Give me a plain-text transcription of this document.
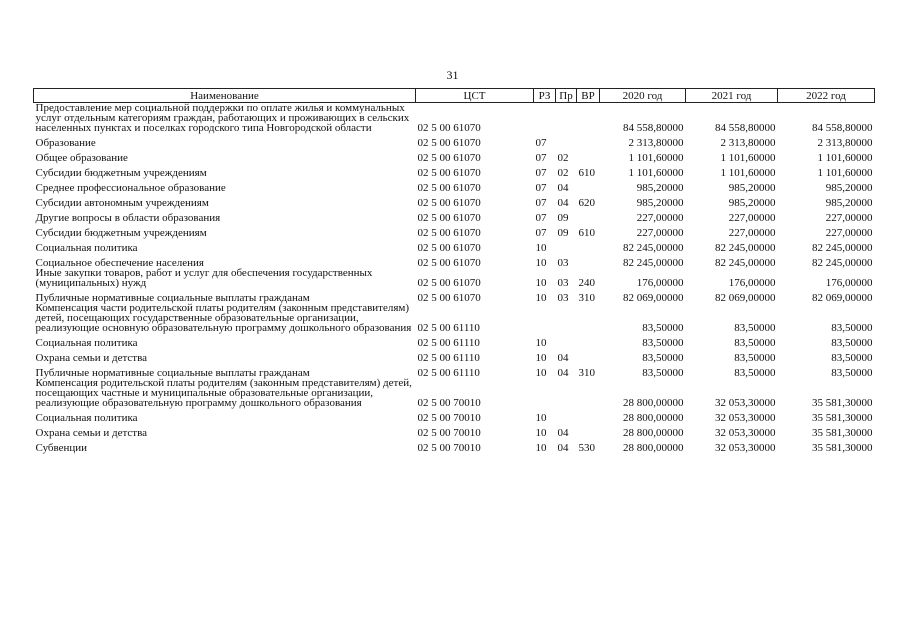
31
Наименование	ЦСТ	РЗ	Пр	ВР	2020 год	2021 год	2022 год
Предоставление мер социальной поддержки по оплате жилья и коммунальных услуг отдельным категориям граждан, работающих и проживающих в сельских населенных пунктах и поселках городского типа Новгородской области	02 5 00 61070				84 558,80000	84 558,80000	84 558,80000
Образование	02 5 00 61070	07			2 313,80000	2 313,80000	2 313,80000
Общее образование	02 5 00 61070	07	02		1 101,60000	1 101,60000	1 101,60000
Субсидии бюджетным учреждениям	02 5 00 61070	07	02	610	1 101,60000	1 101,60000	1 101,60000
Среднее профессиональное образование	02 5 00 61070	07	04		985,20000	985,20000	985,20000
Субсидии автономным учреждениям	02 5 00 61070	07	04	620	985,20000	985,20000	985,20000
Другие вопросы в области образования	02 5 00 61070	07	09		227,00000	227,00000	227,00000
Субсидии бюджетным учреждениям	02 5 00 61070	07	09	610	227,00000	227,00000	227,00000
Социальная политика	02 5 00 61070	10			82 245,00000	82 245,00000	82 245,00000
Социальное обеспечение населения	02 5 00 61070	10	03		82 245,00000	82 245,00000	82 245,00000
Иные закупки товаров, работ и услуг для обеспечения государственных (муниципальных) нужд	02 5 00 61070	10	03	240	176,00000	176,00000	176,00000
Публичные нормативные социальные выплаты гражданам	02 5 00 61070	10	03	310	82 069,00000	82 069,00000	82 069,00000
Компенсация части родительской платы родителям (законным представителям) детей, посещающих государственные образовательные организации, реализующие основную образовательную программу дошкольного образования	02 5 00 61110				83,50000	83,50000	83,50000
Социальная политика	02 5 00 61110	10			83,50000	83,50000	83,50000
Охрана семьи и детства	02 5 00 61110	10	04		83,50000	83,50000	83,50000
Публичные нормативные социальные выплаты гражданам	02 5 00 61110	10	04	310	83,50000	83,50000	83,50000
Компенсация родительской платы родителям (законным представителям) детей, посещающих частные и муниципальные образовательные организации, реализующие образовательную программу дошкольного образования	02 5 00 70010				28 800,00000	32 053,30000	35 581,30000
Социальная политика	02 5 00 70010	10			28 800,00000	32 053,30000	35 581,30000
Охрана семьи и детства	02 5 00 70010	10	04		28 800,00000	32 053,30000	35 581,30000
Субвенции	02 5 00 70010	10	04	530	28 800,00000	32 053,30000	35 581,30000
